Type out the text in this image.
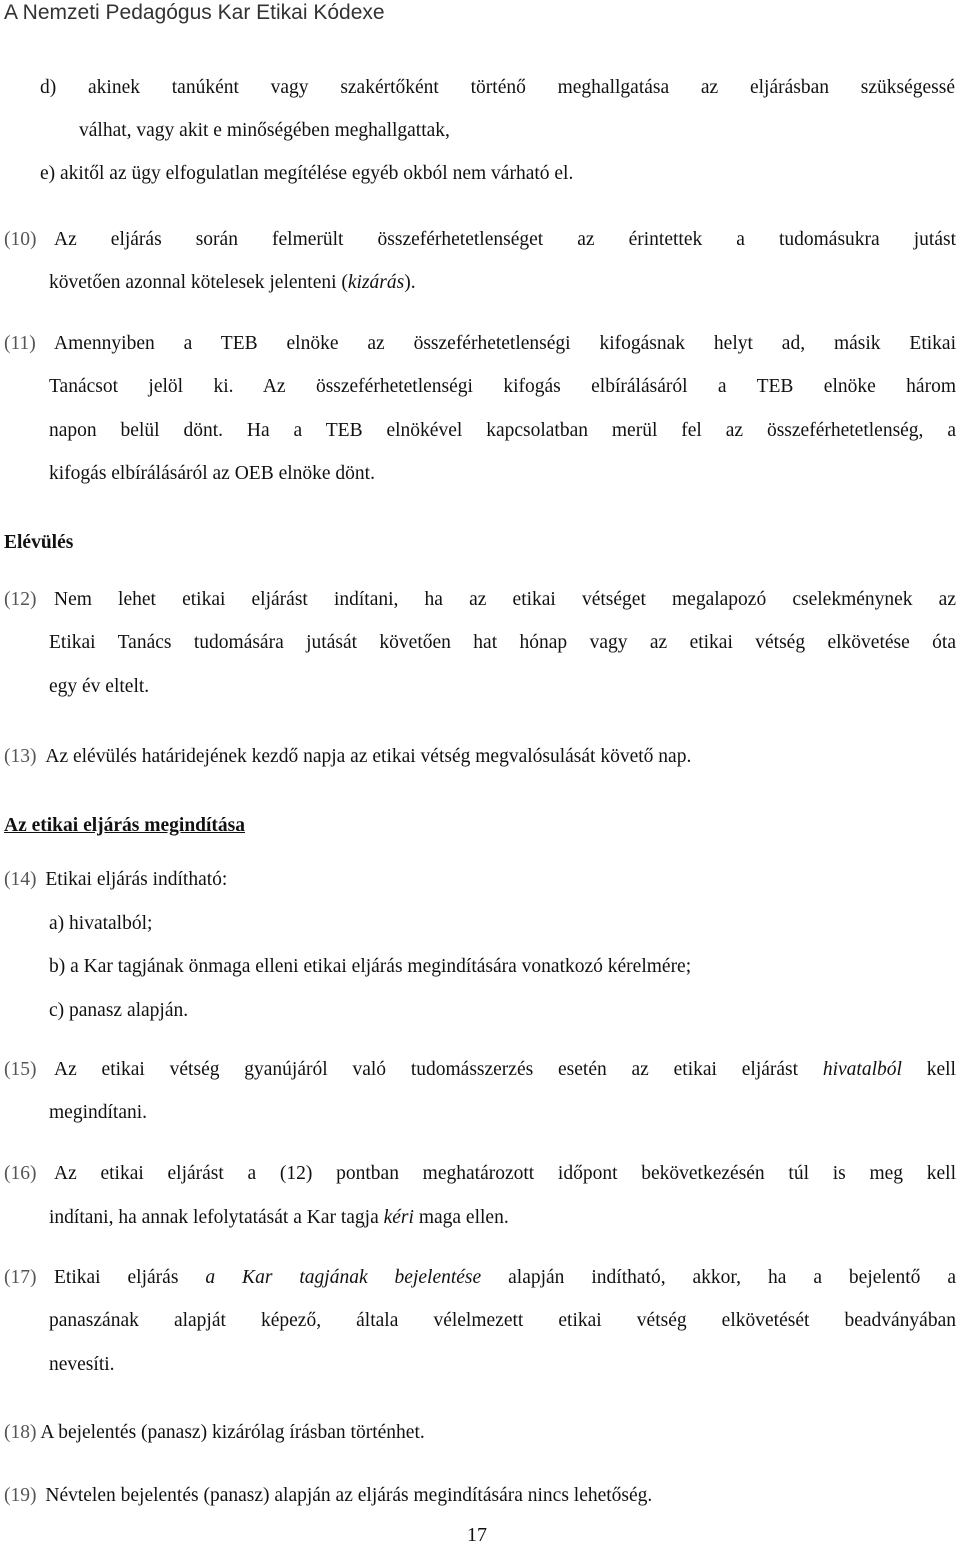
A Nemzeti Pedagógus Kar Etikai Kódexe
d) akinek tanúként vagy szakértőként történő meghallgatása az eljárásban szükségessé
válhat, vagy akit e minőségében meghallgattak,
e) akitől az ügy elfogulatlan megítélése egyéb okból nem várható el.
(10) Az eljárás során felmerült összeférhetetlenséget az érintettek a tudomásukra jutást
követően azonnal kötelesek jelenteni (kizárás).
(11) Amennyiben a TEB elnöke az összeférhetetlenségi kifogásnak helyt ad, másik Etikai
Tanácsot jelöl ki. Az összeférhetetlenségi kifogás elbírálásáról a TEB elnöke három
napon belül dönt. Ha a TEB elnökével kapcsolatban merül fel az összeférhetetlenség, a
kifogás elbírálásáról az OEB elnöke dönt.
Elévülés
(12) Nem lehet etikai eljárást indítani, ha az etikai vétséget megalapozó cselekménynek az
Etikai Tanács tudomására jutását követően hat hónap vagy az etikai vétség elkövetése óta
egy év eltelt.
(13) Az elévülés határidejének kezdő napja az etikai vétség megvalósulását követő nap.
Az etikai eljárás megindítása
(14) Etikai eljárás indítható:
a) hivatalból;
b) a Kar tagjának önmaga elleni etikai eljárás megindítására vonatkozó kérelmére;
c) panasz alapján.
(15) Az etikai vétség gyanújáról való tudomásszerzés esetén az etikai eljárást hivatalból kell
megindítani.
(16) Az etikai eljárást a (12) pontban meghatározott időpont bekövetkezésén túl is meg kell
indítani, ha annak lefolytatását a Kar tagja kéri maga ellen.
(17) Etikai eljárás a Kar tagjának bejelentése alapján indítható, akkor, ha a bejelentő a
panaszának alapját képező, általa vélelmezett etikai vétség elkövetését beadványában
nevesíti.
(18) A bejelentés (panasz) kizárólag írásban történhet.
(19) Névtelen bejelentés (panasz) alapján az eljárás megindítására nincs lehetőség.
17
